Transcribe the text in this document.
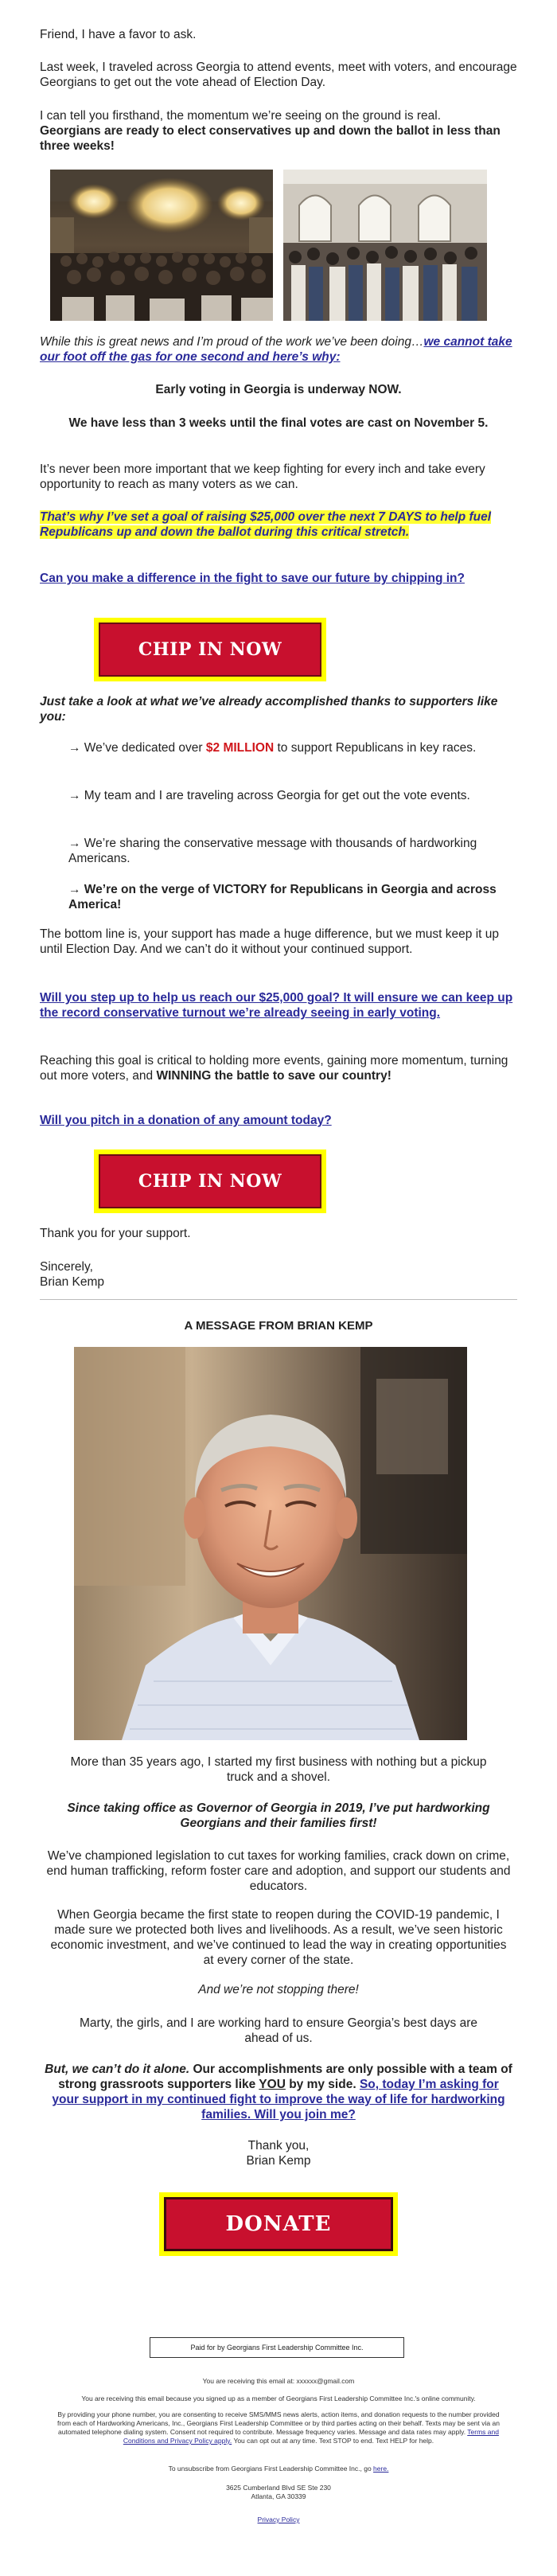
Friend, I have a favor to ask.

Last week, I traveled across Georgia to attend events, meet with voters, and encourage Georgians to get out the vote ahead of Election Day.

I can tell you firsthand, the momentum we’re seeing on the ground is real.
Georgians are ready to elect conservatives up and down the ballot in less than three weeks!

While this is great news and I’m proud of the work we’ve been doing…we cannot take our foot off the gas for one second and here’s why:

Early voting in Georgia is underway NOW.

We have less than 3 weeks until the final votes are cast on November 5.

It’s never been more important that we keep fighting for every inch and take every opportunity to reach as many voters as we can.

That’s why I’ve set a goal of raising $25,000 over the next 7 DAYS to help fuel Republicans up and down the ballot during this critical stretch.

Can you make a difference in the fight to save our future by chipping in?

CHIP IN NOW

Just take a look at what we’ve already accomplished thanks to supporters like you:

→ We’ve dedicated over $2 MILLION to support Republicans in key races.

→ My team and I are traveling across Georgia for get out the vote events.

→ We’re sharing the conservative message with thousands of hardworking Americans.

→ We’re on the verge of VICTORY for Republicans in Georgia and across America!

The bottom line is, your support has made a huge difference, but we must keep it up until Election Day. And we can’t do it without your continued support.

Will you step up to help us reach our $25,000 goal? It will ensure we can keep up the record conservative turnout we’re already seeing in early voting.

Reaching this goal is critical to holding more events, gaining more momentum, turning out more voters, and WINNING the battle to save our country!

Will you pitch in a donation of any amount today?

CHIP IN NOW

Thank you for your support.

Sincerely,
Brian Kemp

A MESSAGE FROM BRIAN KEMP

More than 35 years ago, I started my first business with nothing but a pickup truck and a shovel.

Since taking office as Governor of Georgia in 2019, I’ve put hardworking Georgians and their families first!

We’ve championed legislation to cut taxes for working families, crack down on crime, end human trafficking, reform foster care and adoption, and support our students and educators.

When Georgia became the first state to reopen during the COVID-19 pandemic, I made sure we protected both lives and livelihoods. As a result, we’ve seen historic economic investment, and we’ve continued to lead the way in creating opportunities at every corner of the state.

And we’re not stopping there!

Marty, the girls, and I are working hard to ensure Georgia’s best days are ahead of us.

But, we can’t do it alone. Our accomplishments are only possible with a team of strong grassroots supporters like YOU by my side. So, today I’m asking for your support in my continued fight to improve the way of life for hardworking families. Will you join me?

Thank you,
Brian Kemp

DONATE
Paid for by Georgians First Leadership Committee Inc.

You are receiving this email at: xxxxxx@gmail.com

You are receiving this email because you signed up as a member of Georgians First Leadership Committee Inc.'s online community.

By providing your phone number, you are consenting to receive SMS/MMS news alerts, action items, and donation requests to the number provided from each of Hardworking Americans, Inc., Georgians First Leadership Committee or by third parties acting on their behalf. Texts may be sent via an automated telephone dialing system. Consent not required to contribute. Message frequency varies. Message and data rates may apply. Terms and Conditions and Privacy Policy apply. You can opt out at any time. Text STOP to end. Text HELP for help.

To unsubscribe from Georgians First Leadership Committee Inc., go here.

3625 Cumberland Blvd SE Ste 230
Atlanta, GA 30339

Privacy Policy
